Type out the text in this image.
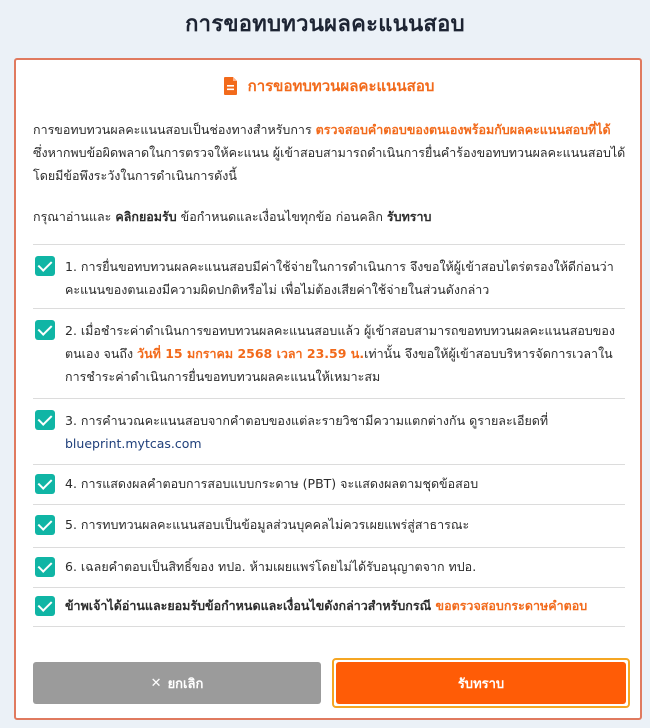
การขอทบทวนผลคะแนนสอบ
การขอทบทวนผลคะแนนสอบ
การขอทบทวนผลคะแนนสอบเป็นช่องทางสำหรับการ ตรวจสอบคำตอบของตนเองพร้อมกับผลคะแนนสอบที่ได้ ซึ่งหากพบข้อผิดพลาดในการตรวจให้คะแนน ผู้เข้าสอบสามารถดำเนินการยื่นคำร้องขอทบทวนผลคะแนนสอบได้ โดยมีข้อพึงระวังในการดำเนินการดังนี้
กรุณาอ่านและ คลิกยอมรับ ข้อกำหนดและเงื่อนไขทุกข้อ ก่อนคลิก รับทราบ
1. การยื่นขอทบทวนผลคะแนนสอบมีค่าใช้จ่ายในการดำเนินการ จึงขอให้ผู้เข้าสอบไตร่ตรองให้ดีก่อนว่า คะแนนของตนเองมีความผิดปกติหรือไม่ เพื่อไม่ต้องเสียค่าใช้จ่ายในส่วนดังกล่าว
2. เมื่อชำระค่าดำเนินการขอทบทวนผลคะแนนสอบแล้ว ผู้เข้าสอบสามารถขอทบทวนผลคะแนนสอบของ ตนเอง จนถึง วันที่ 15 มกราคม 2568 เวลา 23.59 น.เท่านั้น จึงขอให้ผู้เข้าสอบบริหารจัดการเวลาในการชำระค่าดำเนินการยื่นขอทบทวนผลคะแนนให้เหมาะสม
3. การคำนวณคะแนนสอบจากคำตอบของแต่ละรายวิชามีความแตกต่างกัน ดูรายละเอียดที่
blueprint.mytcas.com
4. การแสดงผลคำตอบการสอบแบบกระดาษ (PBT) จะแสดงผลตามชุดข้อสอบ
5. การทบทวนผลคะแนนสอบเป็นข้อมูลส่วนบุคคลไม่ควรเผยแพร่สู่สาธารณะ
6. เฉลยคำตอบเป็นสิทธิ์ของ ทปอ. ห้ามเผยแพร่โดยไม่ได้รับอนุญาตจาก ทปอ.
ข้าพเจ้าได้อ่านและยอมรับข้อกำหนดและเงื่อนไขดังกล่าวสำหรับกรณี ขอตรวจสอบกระดาษคำตอบ
✕ ยกเลิก	รับทราบ
